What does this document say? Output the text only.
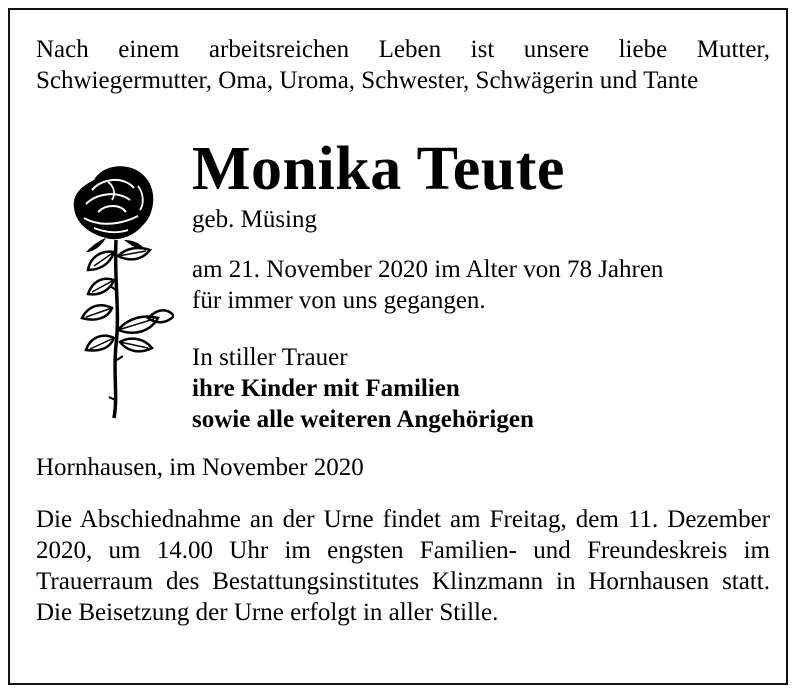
Nach einem arbeitsreichen Leben ist unsere liebe Mutter, Schwiegermutter, Oma, Uroma, Schwester, Schwägerin und Tante
Monika Teute
geb. Müsing
am 21. November 2020 im Alter von 78 Jahren
für immer von uns gegangen.
In stiller Trauer
ihre Kinder mit Familien
sowie alle weiteren Angehörigen
Hornhausen, im November 2020
Die Abschiednahme an der Urne findet am Freitag, dem 11. Dezember 2020, um 14.00 Uhr im engsten Familien- und Freundeskreis im Trauerraum des Bestattungsinstitutes Klinzmann in Hornhausen statt. Die Beisetzung der Urne erfolgt in aller Stille.
